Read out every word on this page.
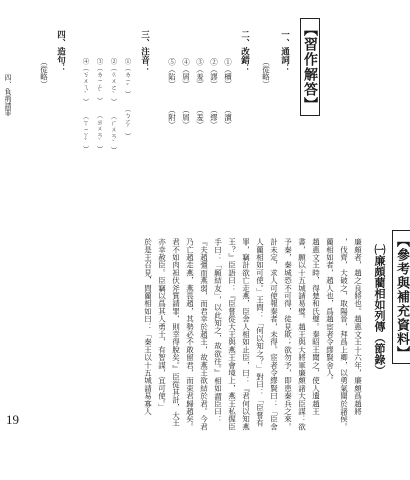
【習作解答】
一、通詞：
（從略）
二、改錯：
①（櫝）（瀆）
②（謬）（繆）
③（羞）（羞）
④（屑）（屑）
⑤（陷）（附）
三、注音：
①（ㄌㄧˇ）（ㄅㄛˊ）
②（ㄍㄨㄛˋ）（ㄏㄨㄢˋ）
③（ㄌㄧㄥˋ）（ㄓㄨㄢˋ）
④（ㄎㄨㄟˋ）（ㄒㄧㄚˇ）
四、造句：
（從略）
四、負荊請罪
【參考與補充資料】
㈠廉頗藺相如列傳（節錄）
廉頗者，趙之良將也。趙惠文王十六年，廉頗爲趙將
，伐齊，大破之，取陽晉，拜爲上卿，以勇氣聞於諸侯。
藺相如者，趙人也，爲趙宦者令繆賢舍人。
趙惠文王時，得楚和氏璧。秦昭王聞之，使人遺趙王
書，願以十五城請易璧。趙王與大將軍廉頗諸大臣謀：欲
予秦，秦城恐不可得，徒見欺；欲勿予，即患秦兵之來。
計未定，求人可使報秦者，未得。宦者令繆賢曰：「臣舍
人藺相如可使。」王問：「何以知之？」對曰：「臣嘗有
罪，竊計欲亡走燕，臣舍人相如止臣，曰：『君何以知燕
王？』臣語曰：『臣嘗從大王與燕王會境上，燕王私握臣
手曰：「願結友」，以此知之，故欲往。』相如謂臣曰：
『夫趙彊而燕弱，而君幸於趙王，故燕王欲結於君。今君
乃亡趙走燕，燕畏趙，其勢必不敢留君，而束君歸趙矣。
君不如肉袒伏斧質請罪，則幸得脫矣。』臣從其計，大王
亦幸赦臣。臣竊以爲其人勇士，有智謀，宜可使。」
於是王召見，問藺相如曰：「秦王以十五城請易寡人
19
